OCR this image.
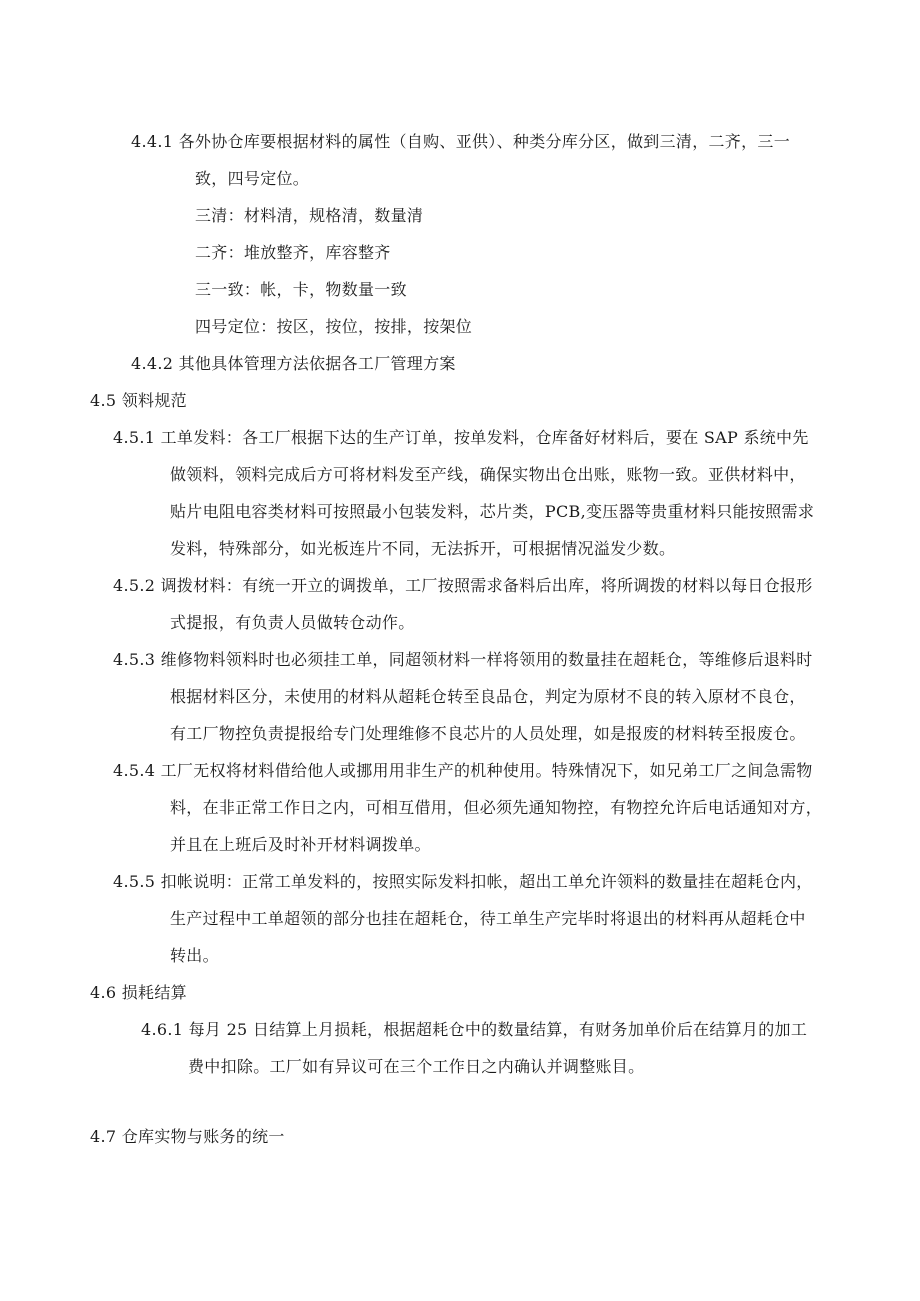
4.4.1 各外协仓库要根据材料的属性（自购、亚供）、种类分库分区，做到三清，二齐，三一
致，四号定位。
三清：材料清，规格清，数量清
二齐：堆放整齐，库容整齐
三一致：帐，卡，物数量一致
四号定位：按区，按位，按排，按架位
4.4.2 其他具体管理方法依据各工厂管理方案
4.5 领料规范
4.5.1 工单发料：各工厂根据下达的生产订单，按单发料，仓库备好材料后，要在 SAP 系统中先
做领料，领料完成后方可将材料发至产线，确保实物出仓出账，账物一致。亚供材料中，
贴片电阻电容类材料可按照最小包装发料，芯片类，PCB,变压器等贵重材料只能按照需求
发料，特殊部分，如光板连片不同，无法拆开，可根据情况溢发少数。
4.5.2 调拨材料：有统一开立的调拨单，工厂按照需求备料后出库，将所调拨的材料以每日仓报形
式提报，有负责人员做转仓动作。
4.5.3 维修物料领料时也必须挂工单，同超领材料一样将领用的数量挂在超耗仓，等维修后退料时
根据材料区分，未使用的材料从超耗仓转至良品仓，判定为原材不良的转入原材不良仓，
有工厂物控负责提报给专门处理维修不良芯片的人员处理，如是报废的材料转至报废仓。
4.5.4 工厂无权将材料借给他人或挪用用非生产的机种使用。特殊情况下，如兄弟工厂之间急需物
料，在非正常工作日之内，可相互借用，但必须先通知物控，有物控允许后电话通知对方，
并且在上班后及时补开材料调拨单。
4.5.5 扣帐说明：正常工单发料的，按照实际发料扣帐，超出工单允许领料的数量挂在超耗仓内，
生产过程中工单超领的部分也挂在超耗仓，待工单生产完毕时将退出的材料再从超耗仓中
转出。
4.6 损耗结算
4.6.1 每月 25 日结算上月损耗，根据超耗仓中的数量结算，有财务加单价后在结算月的加工
费中扣除。工厂如有异议可在三个工作日之内确认并调整账目。
4.7 仓库实物与账务的统一
